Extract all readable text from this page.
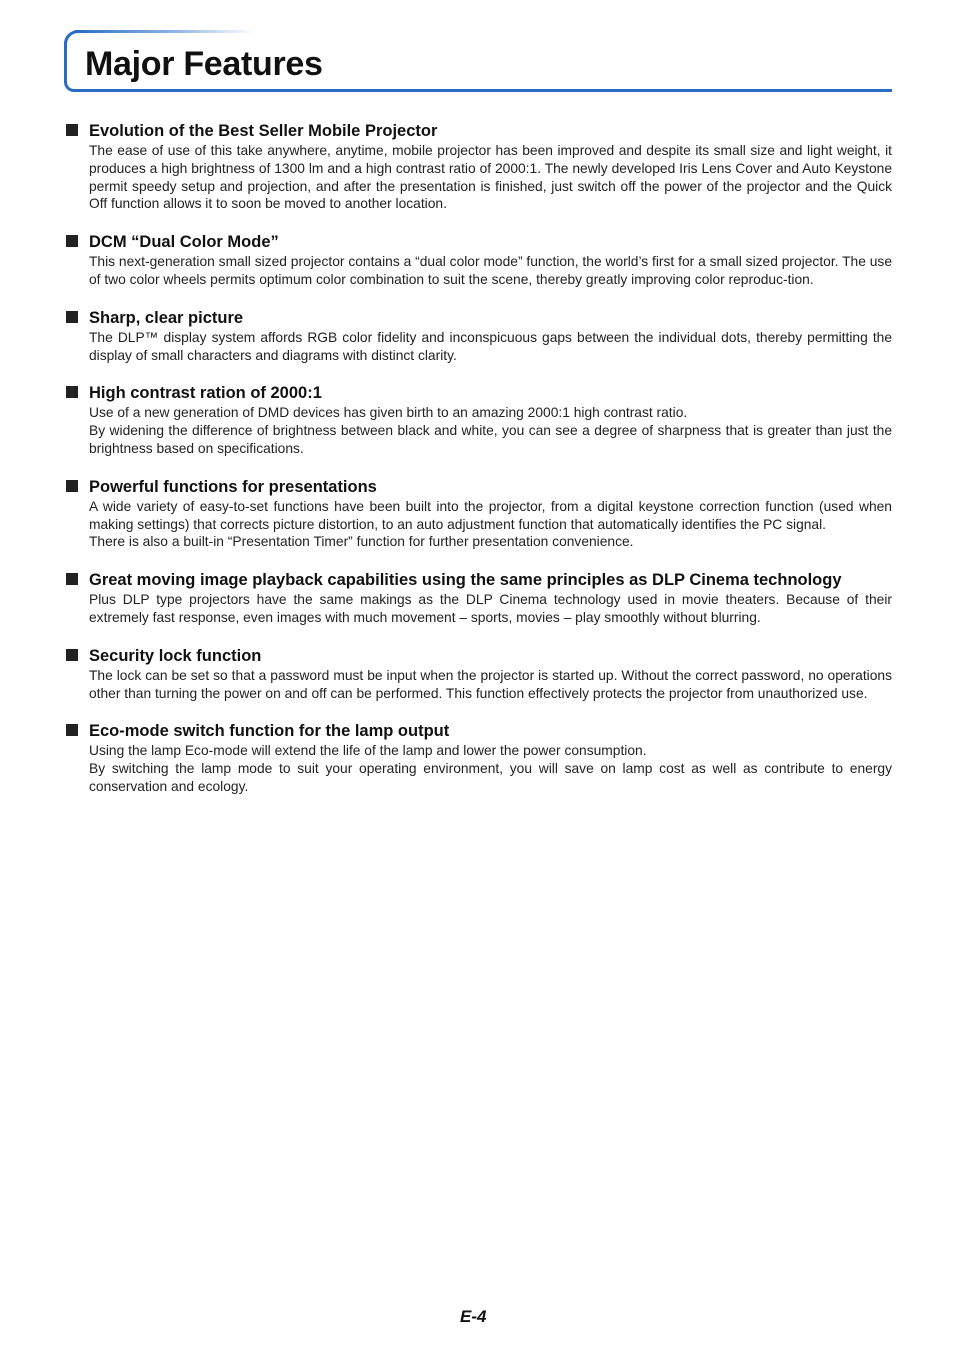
Major Features
Evolution of the Best Seller Mobile Projector

The ease of use of this take anywhere, anytime, mobile projector has been improved and despite its small size and light weight, it produces a high brightness of 1300 lm and a high contrast ratio of 2000:1. The newly developed Iris Lens Cover and Auto Keystone permit speedy setup and projection, and after the presentation is finished, just switch off the power of the projector and the Quick Off function allows it to soon be moved to another location.

DCM “Dual Color Mode”

This next-generation small sized projector contains a “dual color mode” function, the world’s first for a small sized projector. The use of two color wheels permits optimum color combination to suit the scene, thereby greatly improving color reproduc-tion.

Sharp, clear picture

The DLP™ display system affords RGB color fidelity and inconspicuous gaps between the individual dots, thereby permitting the display of small characters and diagrams with distinct clarity.

High contrast ration of 2000:1

Use of a new generation of DMD devices has given birth to an amazing 2000:1 high contrast ratio.

By widening the difference of brightness between black and white, you can see a degree of sharpness that is greater than just the brightness based on specifications.

Powerful functions for presentations

A wide variety of easy-to-set functions have been built into the projector, from a digital keystone correction function (used when making settings) that corrects picture distortion, to an auto adjustment function that automatically identifies the PC signal.

There is also a built-in “Presentation Timer” function for further presentation convenience.

Great moving image playback capabilities using the same principles as DLP Cinema technology

Plus DLP type projectors have the same makings as the DLP Cinema technology used in movie theaters. Because of their extremely fast response, even images with much movement – sports, movies – play smoothly without blurring.

Security lock function

The lock can be set so that a password must be input when the projector is started up. Without the correct password, no operations other than turning the power on and off can be performed. This function effectively protects the projector from unauthorized use.

Eco-mode switch function for the lamp output

Using the lamp Eco-mode will extend the life of the lamp and lower the power consumption.

By switching the lamp mode to suit your operating environment, you will save on lamp cost as well as contribute to energy conservation and ecology.

E-4
